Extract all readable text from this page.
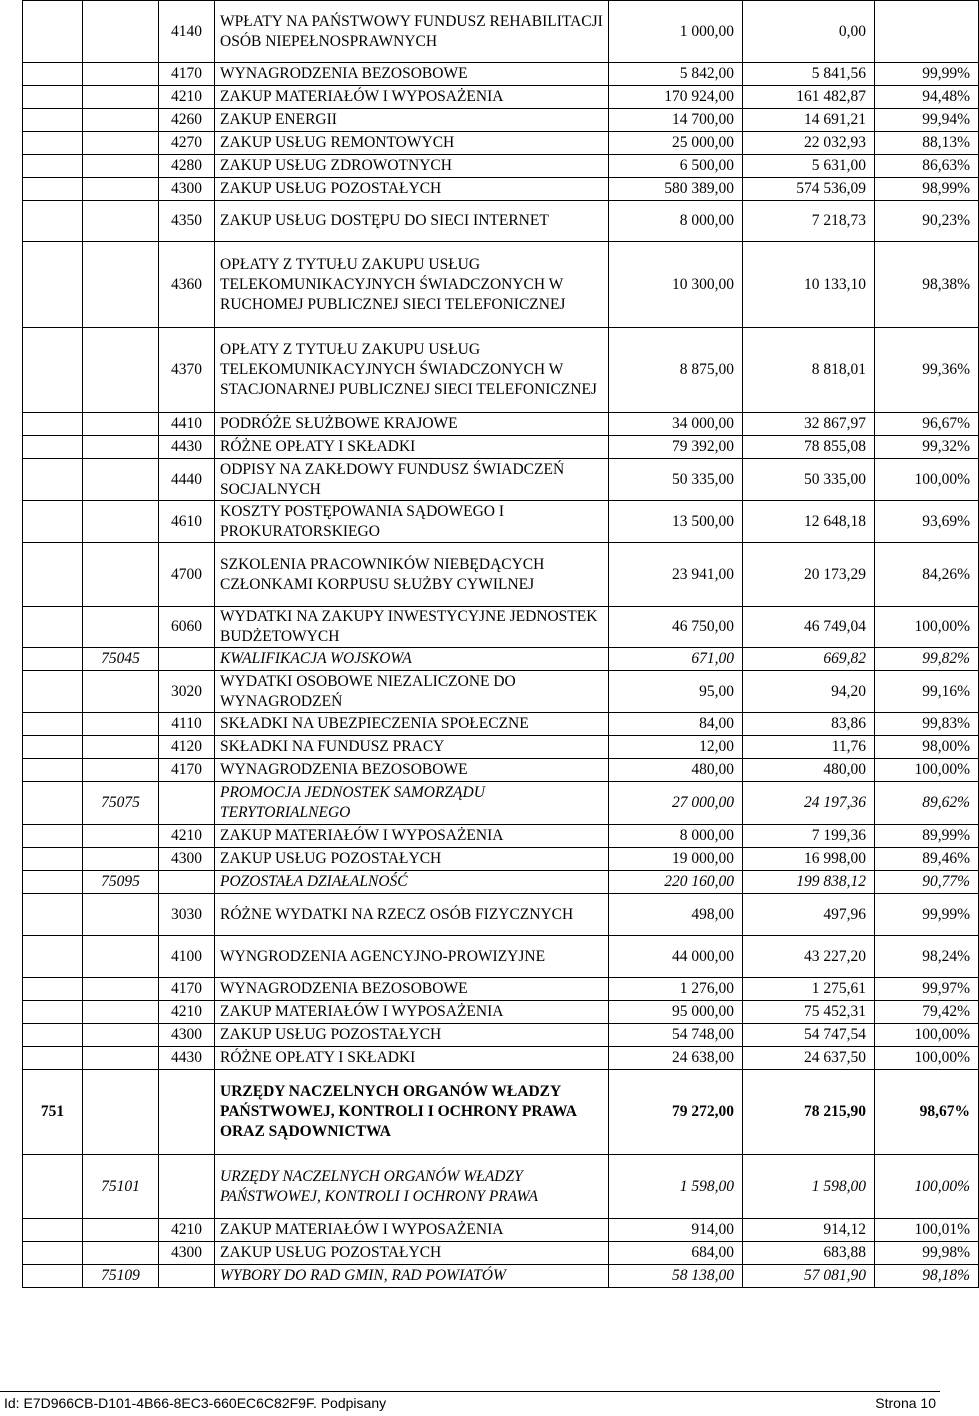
		4140	WPŁATY NA PAŃSTWOWY FUNDUSZ REHABILITACJI OSÓB NIEPEŁNOSPRAWNYCH	1 000,00	0,00	
		4170	WYNAGRODZENIA BEZOSOBOWE	5 842,00	5 841,56	99,99%
		4210	ZAKUP MATERIAŁÓW I WYPOSAŻENIA	170 924,00	161 482,87	94,48%
		4260	ZAKUP ENERGII	14 700,00	14 691,21	99,94%
		4270	ZAKUP USŁUG REMONTOWYCH	25 000,00	22 032,93	88,13%
		4280	ZAKUP USŁUG ZDROWOTNYCH	6 500,00	5 631,00	86,63%
		4300	ZAKUP USŁUG POZOSTAŁYCH	580 389,00	574 536,09	98,99%
		4350	ZAKUP USŁUG DOSTĘPU DO SIECI INTERNET	8 000,00	7 218,73	90,23%
		4360	OPŁATY Z TYTUŁU ZAKUPU USŁUG TELEKOMUNIKACYJNYCH ŚWIADCZONYCH W RUCHOMEJ PUBLICZNEJ SIECI TELEFONICZNEJ	10 300,00	10 133,10	98,38%
		4370	OPŁATY Z TYTUŁU ZAKUPU USŁUG TELEKOMUNIKACYJNYCH ŚWIADCZONYCH W STACJONARNEJ PUBLICZNEJ SIECI TELEFONICZNEJ	8 875,00	8 818,01	99,36%
		4410	PODRÓŻE SŁUŻBOWE KRAJOWE	34 000,00	32 867,97	96,67%
		4430	RÓŻNE OPŁATY I SKŁADKI	79 392,00	78 855,08	99,32%
		4440	ODPISY NA ZAKŁDOWY FUNDUSZ ŚWIADCZEŃ SOCJALNYCH	50 335,00	50 335,00	100,00%
		4610	KOSZTY POSTĘPOWANIA SĄDOWEGO I PROKURATORSKIEGO	13 500,00	12 648,18	93,69%
		4700	SZKOLENIA PRACOWNIKÓW NIEBĘDĄCYCH CZŁONKAMI KORPUSU SŁUŻBY CYWILNEJ	23 941,00	20 173,29	84,26%
		6060	WYDATKI NA ZAKUPY INWESTYCYJNE JEDNOSTEK BUDŻETOWYCH	46 750,00	46 749,04	100,00%
	75045		KWALIFIKACJA WOJSKOWA	671,00	669,82	99,82%
		3020	WYDATKI OSOBOWE NIEZALICZONE DO WYNAGRODZEŃ	95,00	94,20	99,16%
		4110	SKŁADKI NA UBEZPIECZENIA SPOŁECZNE	84,00	83,86	99,83%
		4120	SKŁADKI NA FUNDUSZ PRACY	12,00	11,76	98,00%
		4170	WYNAGRODZENIA BEZOSOBOWE	480,00	480,00	100,00%
	75075		PROMOCJA JEDNOSTEK SAMORZĄDU TERYTORIALNEGO	27 000,00	24 197,36	89,62%
		4210	ZAKUP MATERIAŁÓW I WYPOSAŻENIA	8 000,00	7 199,36	89,99%
		4300	ZAKUP USŁUG POZOSTAŁYCH	19 000,00	16 998,00	89,46%
	75095		POZOSTAŁA DZIAŁALNOŚĆ	220 160,00	199 838,12	90,77%
		3030	RÓŻNE WYDATKI NA RZECZ OSÓB FIZYCZNYCH	498,00	497,96	99,99%
		4100	WYNGRODZENIA AGENCYJNO-PROWIZYJNE	44 000,00	43 227,20	98,24%
		4170	WYNAGRODZENIA BEZOSOBOWE	1 276,00	1 275,61	99,97%
		4210	ZAKUP MATERIAŁÓW I WYPOSAŻENIA	95 000,00	75 452,31	79,42%
		4300	ZAKUP USŁUG POZOSTAŁYCH	54 748,00	54 747,54	100,00%
		4430	RÓŻNE OPŁATY I SKŁADKI	24 638,00	24 637,50	100,00%
751			URZĘDY NACZELNYCH ORGANÓW WŁADZY PAŃSTWOWEJ, KONTROLI I OCHRONY PRAWA ORAZ SĄDOWNICTWA	79 272,00	78 215,90	98,67%
	75101		URZĘDY NACZELNYCH ORGANÓW WŁADZY PAŃSTWOWEJ, KONTROLI I OCHRONY PRAWA	1 598,00	1 598,00	100,00%
		4210	ZAKUP MATERIAŁÓW I WYPOSAŻENIA	914,00	914,12	100,01%
		4300	ZAKUP USŁUG POZOSTAŁYCH	684,00	683,88	99,98%
	75109		WYBORY DO RAD GMIN, RAD POWIATÓW	58 138,00	57 081,90	98,18%
Id: E7D966CB-D101-4B66-8EC3-660EC6C82F9F. Podpisany	Strona 10
